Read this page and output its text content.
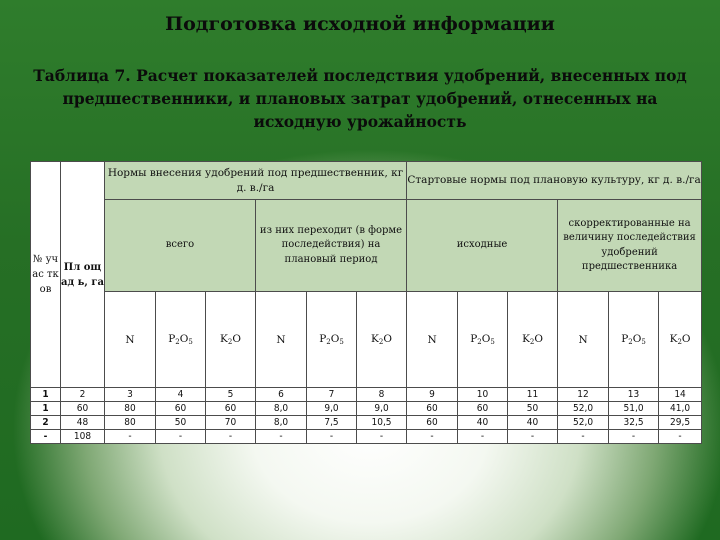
Подготовка исходной информации
Таблица 7. Расчет показателей последствия удобрений, внесенных под предшественники, и плановых затрат удобрений, отнесенных на исходную урожайность
№ уч ас тк ов	Пл ощ ад ь, га	Нормы внесения удобрений под предшественник, кг д. в./га						Стартовые нормы под плановую культуру, кг д. в./га					
		всего			из них переходит (в форме последействия) на плановый период			исходные			скорректированные на величину последействия удобрений предшественника		
		N	$P_2O_5$	$K_2O$	N	$P_2O_5$	$K_2O$	N	$P_2O_5$	$K_2O$	N	$P_2O_5$	$K_2O$
1	2	3	4	5	6	7	8	9	10	11	12	13	14
1	60	80	60	60	8,0	9,0	9,0	60	60	50	52,0	51,0	41,0
2	48	80	50	70	8,0	7,5	10,5	60	40	40	52,0	32,5	29,5
-	108	-	-	-	-	-	-	-	-	-	-	-	-
